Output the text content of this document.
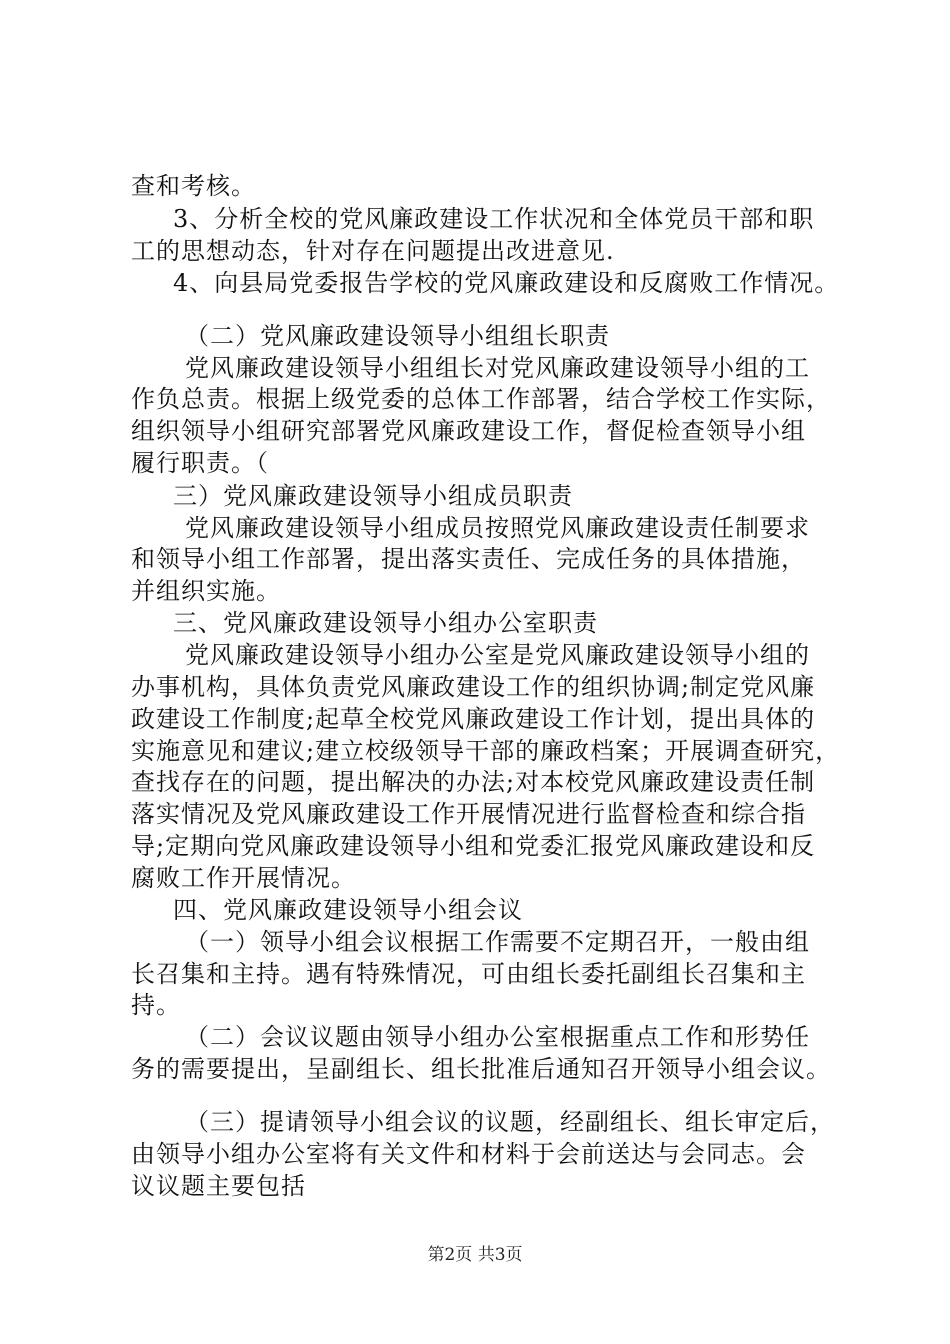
查和考核。
3、分析全校的党风廉政建设工作状况和全体党员干部和职
工的思想动态，针对存在问题提出改进意见.
4、向县局党委报告学校的党风廉政建设和反腐败工作情况。
（二）党风廉政建设领导小组组长职责
党风廉政建设领导小组组长对党风廉政建设领导小组的工
作负总责。根据上级党委的总体工作部署，结合学校工作实际，
组织领导小组研究部署党风廉政建设工作，督促检查领导小组
履行职责。（
三）党风廉政建设领导小组成员职责
党风廉政建设领导小组成员按照党风廉政建设责任制要求
和领导小组工作部署，提出落实责任、完成任务的具体措施，
并组织实施。
三、党风廉政建设领导小组办公室职责
党风廉政建设领导小组办公室是党风廉政建设领导小组的
办事机构，具体负责党风廉政建设工作的组织协调;制定党风廉
政建设工作制度;起草全校党风廉政建设工作计划，提出具体的
实施意见和建议;建立校级领导干部的廉政档案；开展调查研究，
查找存在的问题，提出解决的办法;对本校党风廉政建设责任制
落实情况及党风廉政建设工作开展情况进行监督检查和综合指
导;定期向党风廉政建设领导小组和党委汇报党风廉政建设和反
腐败工作开展情况。
四、党风廉政建设领导小组会议
（一）领导小组会议根据工作需要不定期召开，一般由组
长召集和主持。遇有特殊情况，可由组长委托副组长召集和主
持。
（二）会议议题由领导小组办公室根据重点工作和形势任
务的需要提出，呈副组长、组长批准后通知召开领导小组会议。
（三）提请领导小组会议的议题，经副组长、组长审定后，
由领导小组办公室将有关文件和材料于会前送达与会同志。会
议议题主要包括
第2页 共3页
